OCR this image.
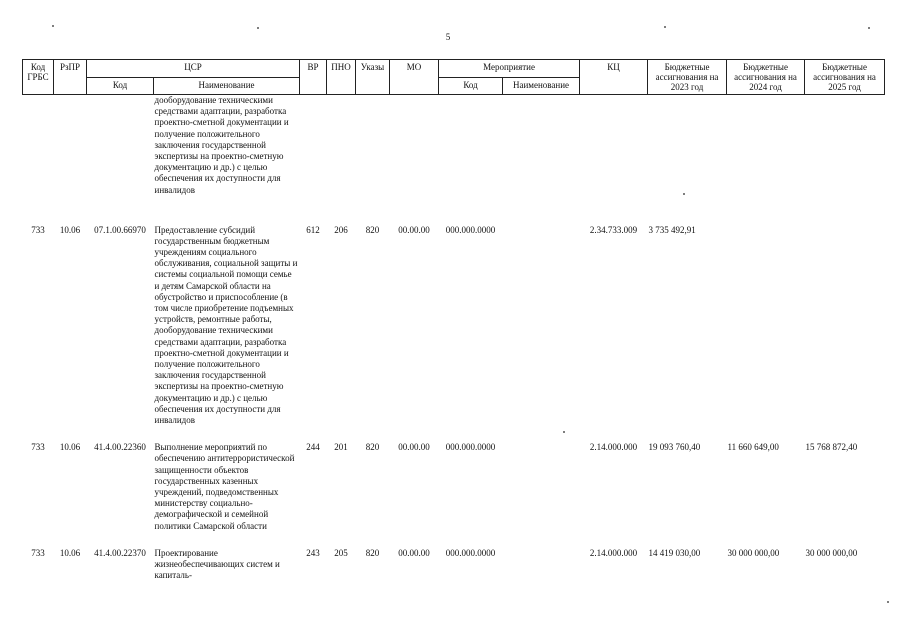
5
Код ГРБС	РзПР	ЦСР		ВР	ПНО	Указы	МО	Мероприятие		КЦ	Бюджетные ассигнования на 2023 год	Бюджетные ассигнования на 2024 год	Бюджетные ассигнования на 2025 год
		Код	Наименование					Код	Наименование				

			дооборудование техническими средствами адаптации, разработка проектно-сметной документации и получение положительного заключения государственной экспертизы на проектно-сметную документацию и др.) с целью обеспечения их доступности для инвалидов										

733	10.06	07.1.00.66970	Предоставление субсидий государственным бюджетным учреждениям социального обслуживания, социальной защиты и системы социальной помощи семье и детям Самарской области на обустройство и приспособление (в том числе приобретение подъемных устройств, ремонтные работы, дооборудование техническими средствами адаптации, разработка проектно-сметной документации и получение положительного заключения государственной экспертизы на проектно-сметную документацию и др.) с целью обеспечения их доступности для инвалидов	612	206	820	00.00.00	000.000.0000		2.34.733.009	3 735 492,91		
733	10.06	41.4.00.22360	Выполнение мероприятий по обеспечению антитеррористической защищенности объектов государственных казенных учреждений, подведомственных министерству социально-демографической и семейной политики Самарской области	244	201	820	00.00.00	000.000.0000		2.14.000.000	19 093 760,40	11 660 649,00	15 768 872,40
733	10.06	41.4.00.22370	Проектирование жизнеобеспечивающих систем и капиталь-	243	205	820	00.00.00	000.000.0000		2.14.000.000	14 419 030,00	30 000 000,00	30 000 000,00
